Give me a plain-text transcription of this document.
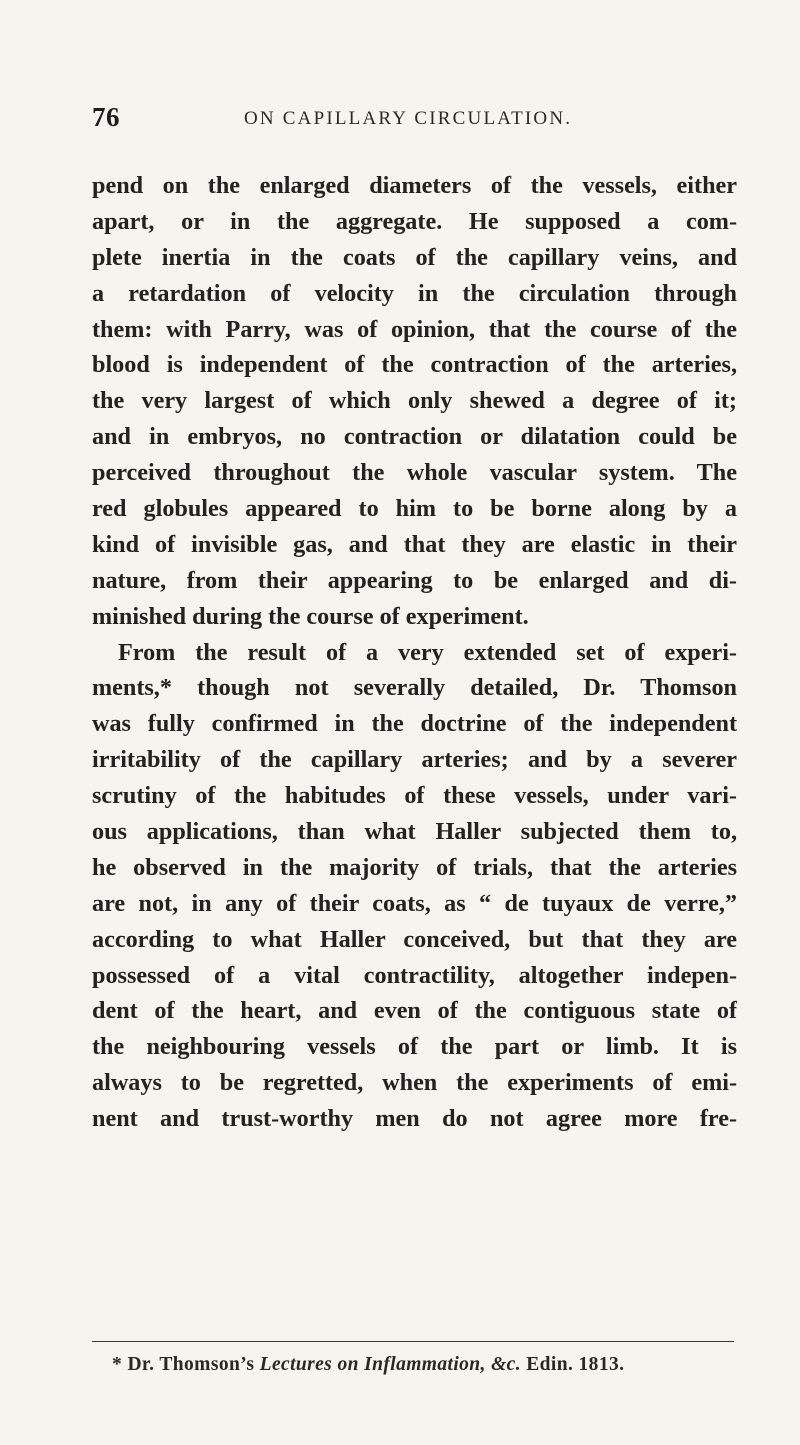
76	ON CAPILLARY CIRCULATION.
pend on the enlarged diameters of the vessels, either
apart, or in the aggregate. He supposed a com-
plete inertia in the coats of the capillary veins, and
a retardation of velocity in the circulation through
them: with Parry, was of opinion, that the course of the
blood is independent of the contraction of the arteries,
the very largest of which only shewed a degree of it;
and in embryos, no contraction or dilatation could be
perceived throughout the whole vascular system. The
red globules appeared to him to be borne along by a
kind of invisible gas, and that they are elastic in their
nature, from their appearing to be enlarged and di-
minished during the course of experiment.
From the result of a very extended set of experi-
ments,* though not severally detailed, Dr. Thomson
was fully confirmed in the doctrine of the independent
irritability of the capillary arteries; and by a severer
scrutiny of the habitudes of these vessels, under vari-
ous applications, than what Haller subjected them to,
he observed in the majority of trials, that the arteries
are not, in any of their coats, as “ de tuyaux de verre,”
according to what Haller conceived, but that they are
possessed of a vital contractility, altogether indepen-
dent of the heart, and even of the contiguous state of
the neighbouring vessels of the part or limb. It is
always to be regretted, when the experiments of emi-
nent and trust-worthy men do not agree more fre-
* Dr. Thomson’s Lectures on Inflammation, &c. Edin. 1813.
